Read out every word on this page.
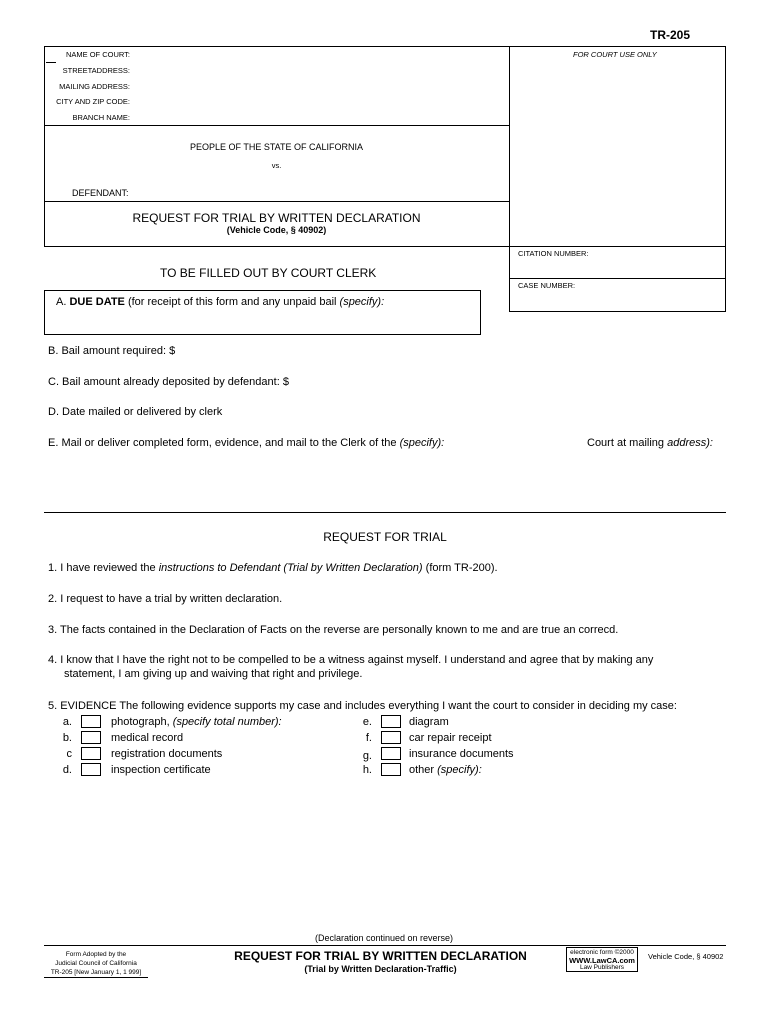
TR-205
NAME OF COURT:
STREETADDRESS:
MAILING ADDRESS:
CITY AND ZIP CODE:
BRANCH NAME:
FOR COURT USE ONLY
PEOPLE OF THE STATE OF CALIFORNIA
vs.
DEFENDANT:
REQUEST FOR TRIAL BY WRITTEN DECLARATION
(Vehicle Code, § 40902)
CITATION NUMBER:
CASE NUMBER:
TO BE FILLED OUT BY COURT CLERK
A. DUE DATE (for receipt of this form and any unpaid bail (specify):
B. Bail amount required: $
C. Bail amount already deposited by defendant: $
D. Date mailed or delivered by clerk
E. Mail or deliver completed form, evidence, and mail to the Clerk of the (specify):	Court at mailing address):
REQUEST FOR TRIAL
1. I have reviewed the instructions to Defendant (Trial by Written Declaration) (form TR-200).
2. I request to have a trial by written declaration.
3. The facts contained in the Declaration of Facts on the reverse are personally known to me and are true an correcd.
4. I know that I have the right not to be compelled to be a witness against myself. I understand and agree that by making any
statement, I am giving up and waiving that right and privilege.
5. EVIDENCE The following evidence supports my case and includes everything I want the court to consider in deciding my case:
a.	photograph, (specify total number):
b.	medical record
c	registration documents
d.	inspection certificate
e.	diagram
f.	car repair receipt
g.	insurance documents
h.	other (specify):
(Declaration continued on reverse)
Form Adopted by the
Judicial Council of California
TR-205 [New January 1, 1 999]
REQUEST FOR TRIAL BY WRITTEN DECLARATION
(Trial by Written Declaration-Traffic)
electronic form ©2000
WWW.LawCA.com
Law Publishers
Vehicle Code, § 40902
